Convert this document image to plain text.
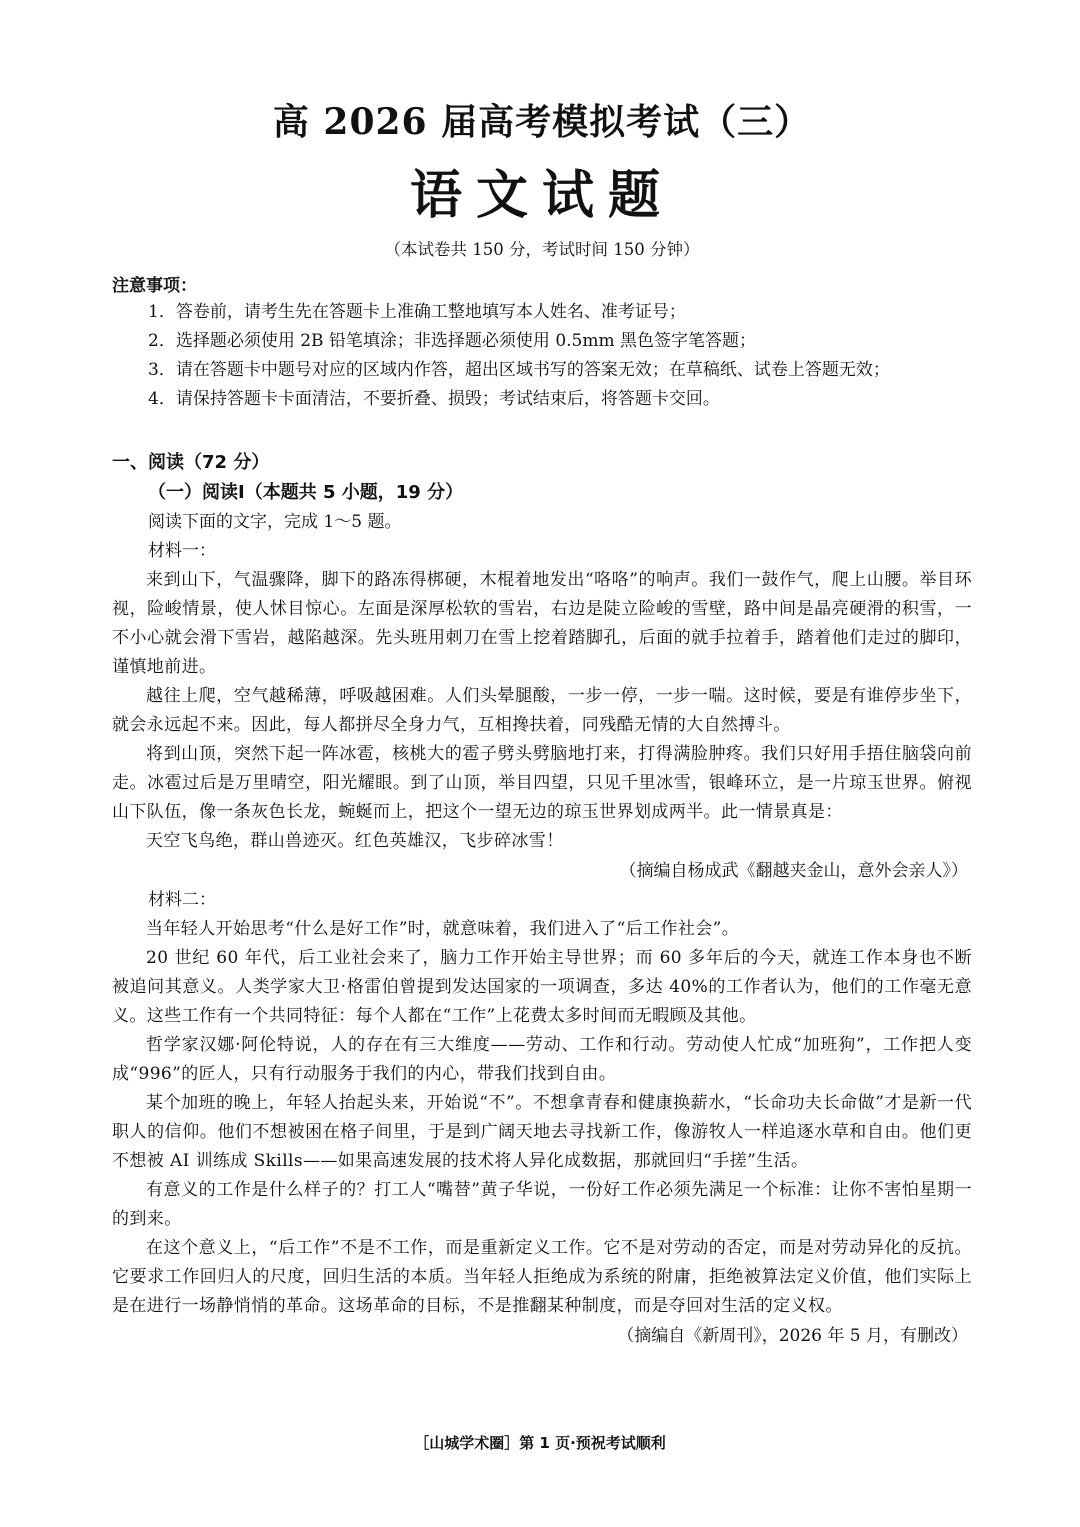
高 2026 届高考模拟考试（三）
语文试题
（本试卷共 150 分，考试时间 150 分钟）
注意事项：
1．答卷前，请考生先在答题卡上准确工整地填写本人姓名、准考证号；
2．选择题必须使用 2B 铅笔填涂；非选择题必须使用 0.5mm 黑色签字笔答题；
3．请在答题卡中题号对应的区域内作答，超出区域书写的答案无效；在草稿纸、试卷上答题无效；
4．请保持答题卡卡面清洁，不要折叠、损毁；考试结束后，将答题卡交回。
一、阅读（72 分）
（一）阅读Ⅰ（本题共 5 小题，19 分）
阅读下面的文字，完成 1～5 题。
材料一：

来到山下，气温骤降，脚下的路冻得梆硬，木棍着地发出“咯咯”的响声。我们一鼓作气，爬上山腰。举目环视，险峻情景，使人怵目惊心。左面是深厚松软的雪岩，右边是陡立险峻的雪壁，路中间是晶亮硬滑的积雪，一不小心就会滑下雪岩，越陷越深。先头班用刺刀在雪上挖着踏脚孔，后面的就手拉着手，踏着他们走过的脚印，谨慎地前进。

越往上爬，空气越稀薄，呼吸越困难。人们头晕腿酸，一步一停，一步一喘。这时候，要是有谁停步坐下，就会永远起不来。因此，每人都拼尽全身力气，互相搀扶着，同残酷无情的大自然搏斗。

将到山顶，突然下起一阵冰雹，核桃大的雹子劈头劈脑地打来，打得满脸肿疼。我们只好用手捂住脑袋向前走。冰雹过后是万里晴空，阳光耀眼。到了山顶，举目四望，只见千里冰雪，银峰环立，是一片琼玉世界。俯视山下队伍，像一条灰色长龙，蜿蜒而上，把这个一望无边的琼玉世界划成两半。此一情景真是：

天空飞鸟绝，群山兽迹灭。红色英雄汉，飞步碎冰雪！

（摘编自杨成武《翻越夹金山，意外会亲人》）
材料二：

当年轻人开始思考“什么是好工作”时，就意味着，我们进入了“后工作社会”。

20 世纪 60 年代，后工业社会来了，脑力工作开始主导世界；而 60 多年后的今天，就连工作本身也不断被追问其意义。人类学家大卫·格雷伯曾提到发达国家的一项调查，多达 40%的工作者认为，他们的工作毫无意义。这些工作有一个共同特征：每个人都在“工作”上花费太多时间而无暇顾及其他。

哲学家汉娜·阿伦特说，人的存在有三大维度——劳动、工作和行动。劳动使人忙成“加班狗”，工作把人变成“996”的匠人，只有行动服务于我们的内心，带我们找到自由。

某个加班的晚上，年轻人抬起头来，开始说“不”。不想拿青春和健康换薪水，“长命功夫长命做”才是新一代职人的信仰。他们不想被困在格子间里，于是到广阔天地去寻找新工作，像游牧人一样追逐水草和自由。他们更不想被 AI 训练成 Skills——如果高速发展的技术将人异化成数据，那就回归“手搓”生活。

有意义的工作是什么样子的？打工人“嘴替”黄子华说，一份好工作必须先满足一个标准：让你不害怕星期一的到来。

在这个意义上，“后工作”不是不工作，而是重新定义工作。它不是对劳动的否定，而是对劳动异化的反抗。它要求工作回归人的尺度，回归生活的本质。当年轻人拒绝成为系统的附庸，拒绝被算法定义价值，他们实际上是在进行一场静悄悄的革命。这场革命的目标，不是推翻某种制度，而是夺回对生活的定义权。

（摘编自《新周刊》，2026 年 5 月，有删改）
［山城学术圈］第 1 页·预祝考试顺利
